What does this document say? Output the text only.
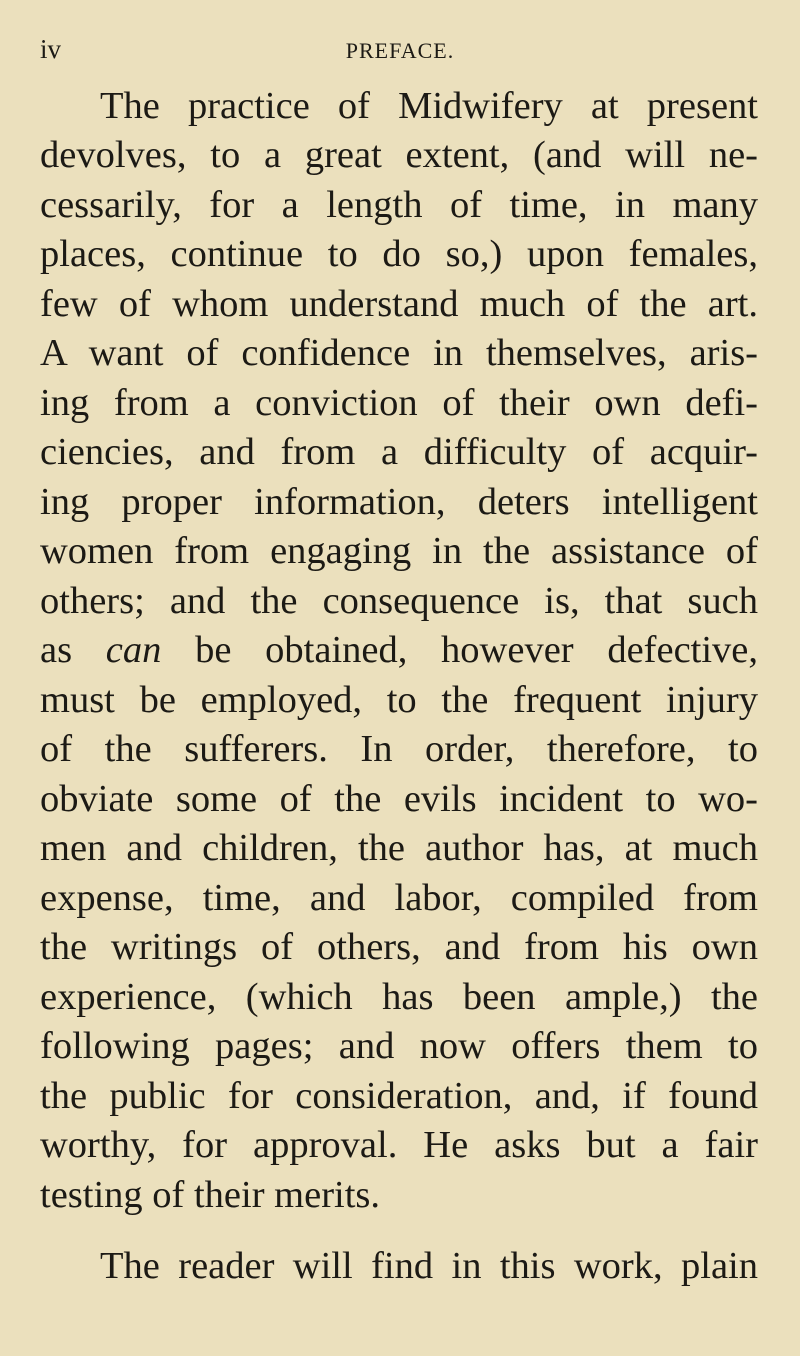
iv	PREFACE.
The practice of Midwifery at present
devolves, to a great extent, (and will ne-
cessarily, for a length of time, in many
places, continue to do so,) upon females,
few of whom understand much of the art.
A want of confidence in themselves, aris-
ing from a conviction of their own defi-
ciencies, and from a difficulty of acquir-
ing proper information, deters intelligent
women from engaging in the assistance of
others; and the consequence is, that such
as can be obtained, however defective,
must be employed, to the frequent injury
of the sufferers. In order, therefore, to
obviate some of the evils incident to wo-
men and children, the author has, at much
expense, time, and labor, compiled from
the writings of others, and from his own
experience, (which has been ample,) the
following pages; and now offers them to
the public for consideration, and, if found
worthy, for approval. He asks but a fair
testing of their merits.
The reader will find in this work, plain
